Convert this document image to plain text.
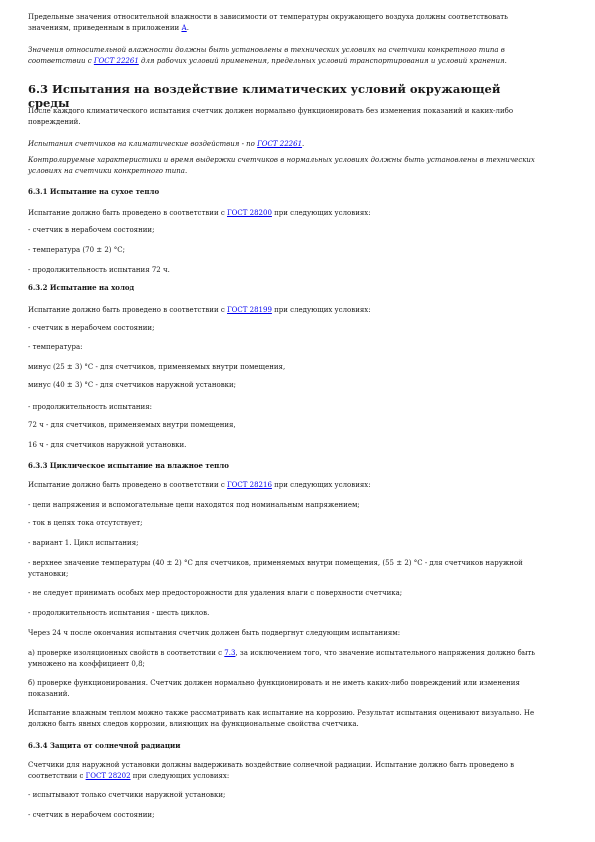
Предельные значения относительной влажности в зависимости от температуры окружающего воздуха должны соответствовать значениям, приведенным в приложении А.

Значения относительной влажности должны быть установлены в технических условиях на счетчики конкретного типа в соответствии с ГОСТ 22261 для рабочих условий применения, предельных условий транспортирования и условий хранения.

6.3 Испытания на воздействие климатических условий окружающей среды

После каждого климатического испытания счетчик должен нормально функционировать без изменения показаний и каких-либо повреждений.

Испытания счетчиков на климатические воздействия - по ГОСТ 22261.

Контролируемые характеристики и время выдержки счетчиков в нормальных условиях должны быть установлены в технических условиях на счетчики конкретного типа.

6.3.1 Испытание на сухое тепло

Испытание должно быть проведено в соответствии с ГОСТ 28200 при следующих условиях:

- счетчик в нерабочем состоянии;

- температура (70 ± 2) °С;

- продолжительность испытания 72 ч.

6.3.2 Испытание на холод

Испытание должно быть проведено в соответствии с ГОСТ 28199 при следующих условиях:

- счетчик в нерабочем состоянии;

- температура:

минус (25 ± 3) °С - для счетчиков, применяемых внутри помещения,

минус (40 ± 3) °С - для счетчиков наружной установки;

- продолжительность испытания:

72 ч - для счетчиков, применяемых внутри помещения,

16 ч - для счетчиков наружной установки.

6.3.3 Циклическое испытание на влажное тепло

Испытание должно быть проведено в соответствии с ГОСТ 28216 при следующих условиях:

- цепи напряжения и вспомогательные цепи находятся под номинальным напряжением;

- ток в цепях тока отсутствует;

- вариант 1. Цикл испытания;

- верхнее значение температуры (40 ± 2) °С для счетчиков, применяемых внутри помещения, (55 ± 2) °С - для счетчиков наружной установки;

- не следует принимать особых мер предосторожности для удаления влаги с поверхности счетчика;

- продолжительность испытания - шесть циклов.

Через 24 ч после окончания испытания счетчик должен быть подвергнут следующим испытаниям:

а) проверке изоляционных свойств в соответствии с 7.3, за исключением того, что значение испытательного напряжения должно быть умножено на коэффициент 0,8;

б) проверке функционирования. Счетчик должен нормально функционировать и не иметь каких-либо повреждений или изменения показаний.

Испытание влажным теплом можно также рассматривать как испытание на коррозию. Результат испытания оценивают визуально. Не должно быть явных следов коррозии, влияющих на функциональные свойства счетчика.

6.3.4 Защита от солнечной радиации

Счетчики для наружной установки должны выдерживать воздействие солнечной радиации. Испытание должно быть проведено в соответствии с ГОСТ 28202 при следующих условиях:

- испытывают только счетчики наружной установки;

- счетчик в нерабочем состоянии;
